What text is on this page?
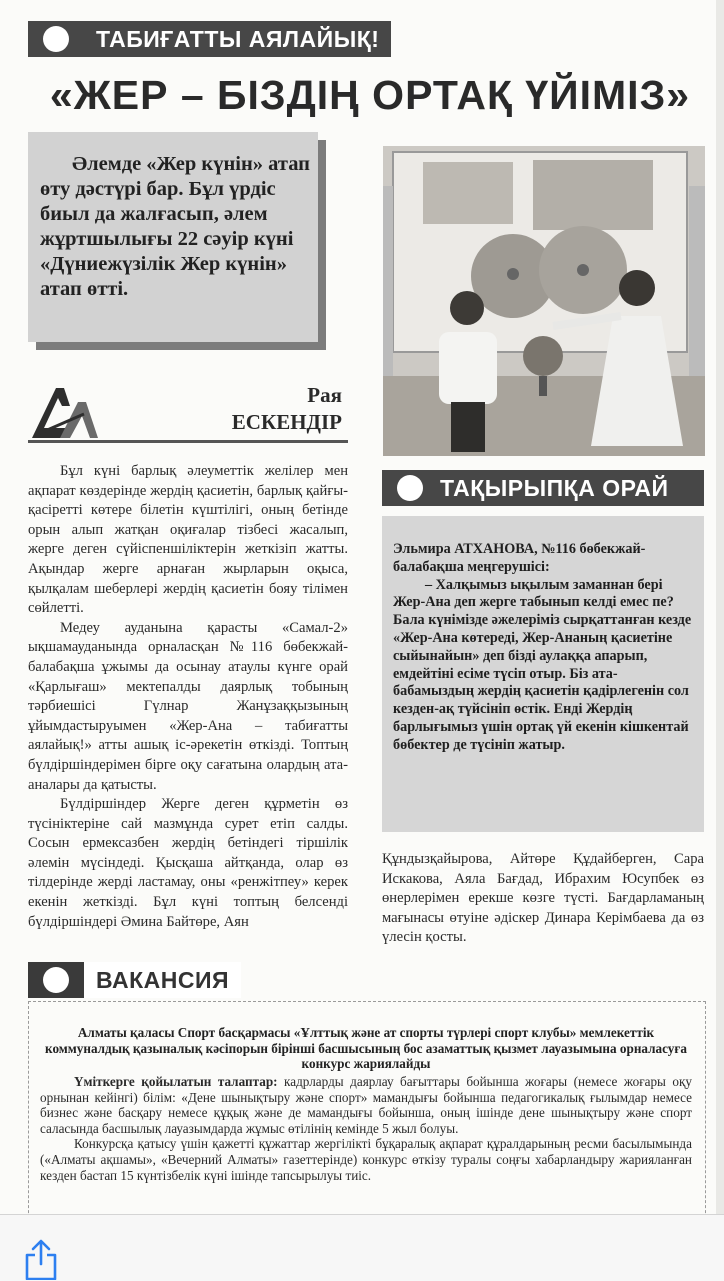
ТАБИҒАТТЫ АЯЛАЙЫҚ!
«ЖЕР – БІЗДІҢ ОРТАҚ ҮЙІМІЗ»
Әлемде «Жер күнін» атап өту дәстүрі бар. Бұл үрдіс биыл да жалғасып, әлем жұртшылығы 22 сәуір күні «Дүниежүзілік Жер күнін» атап өтті.
Рая
ЕСКЕНДІР

Бұл күні барлық әлеуметтік желілер мен ақпарат көздерінде жердің қасиетін, барлық қайғы-қасіретті көтере білетін күштілігі, оның бетінде орын алып жатқан оқиғалар тізбесі жасалып, жерге деген сүйіспеншіліктерін жеткізіп жатты. Ақындар жерге арнаған жырларын оқыса, қылқалам шеберлері жердің қасиетін бояу тілімен сөйлетті.

Медеу ауданына қарасты «Самал-2» ықшамауданында орналасқан №116 бөбекжай-балабақша ұжымы да осынау атаулы күнге орай «Қарлығаш» мектепалды даярлық тобының тәрбиешісі Гүлнар Жанұзаққызының ұйымдастыруымен «Жер-Ана – табиғатты аялайық!» атты ашық іс-әрекетін өткізді. Топтың бүлдіршіндерімен бірге оқу сағатына олардың ата-аналары да қатысты.

Бүлдіршіндер Жерге деген құрметін өз түсініктеріне сай мазмұнда сурет етіп салды. Сосын ермексазбен жердің бетіндегі тіршілік әлемін мүсіндеді. Қысқаша айтқанда, олар өз тілдерінде жерді ластамау, оны «ренжітпеу» керек екенін жеткізді. Бұл күні топтың белсенді бүлдіршіндері Әмина Байтөре, Аян

ТАҚЫРЫПҚА ОРАЙ

Эльмира АТХАНОВА, №116 бөбекжай-балабақша меңгерушісі:

– Халқымыз ықылым заманнан бері Жер-Ана деп жерге табынып келді емес пе? Бала күнімізде әжелеріміз сырқаттанған кезде «Жер-Ана көтереді, Жер-Ананың қасиетіне сыйынайын» деп бізді аулаққа апарып, емдейтіні есіме түсіп отыр. Біз ата-бабамыздың жердің қасиетін қадірлегенін сол кезден-ақ түйсініп өстік. Енді Жердің барлығымыз үшін ортақ үй екенін кішкентай бөбектер де түсініп жатыр.

Құндызқайырова, Айтөре Құдайберген, Сара Искакова, Аяла Бағдад, Ибрахим Юсупбек өз өнерлерімен ерекше көзге түсті. Бағдарламаның мағынасы өтуіне әдіскер Динара Керімбаева да өз үлесін қосты.

ВАКАНСИЯ
Алматы қаласы Спорт басқармасы «Ұлттық және ат спорты түрлері спорт клубы» мемлекеттік коммуналдық қазыналық кәсіпорын бірінші басшысының бос азаматтық қызмет лауазымына орналасуға конкурс жариялайды

Үміткерге қойылатын талаптар: кадрларды даярлау бағыттары бойынша жоғары (немесе жоғары оқу орнынан кейінгі) білім: «Дене шынықтыру және спорт» мамандығы бойынша педагогикалық ғылымдар немесе бизнес және басқару немесе құқық және де мамандығы бойынша, оның ішінде дене шынықтыру және спорт саласында басшылық лауазымдарда жұмыс өтілінің кемінде 5 жыл болуы.

Конкурсқа қатысу үшін қажетті құжаттар жергілікті бұқаралық ақпарат құралдарының ресми басылымында («Алматы ақшамы», «Вечерний Алматы» газеттерінде) конкурс өткізу туралы соңғы хабарландыру жарияланған кезден бастап 15 күнтізбелік күні ішінде тапсырылуы тиіс.
